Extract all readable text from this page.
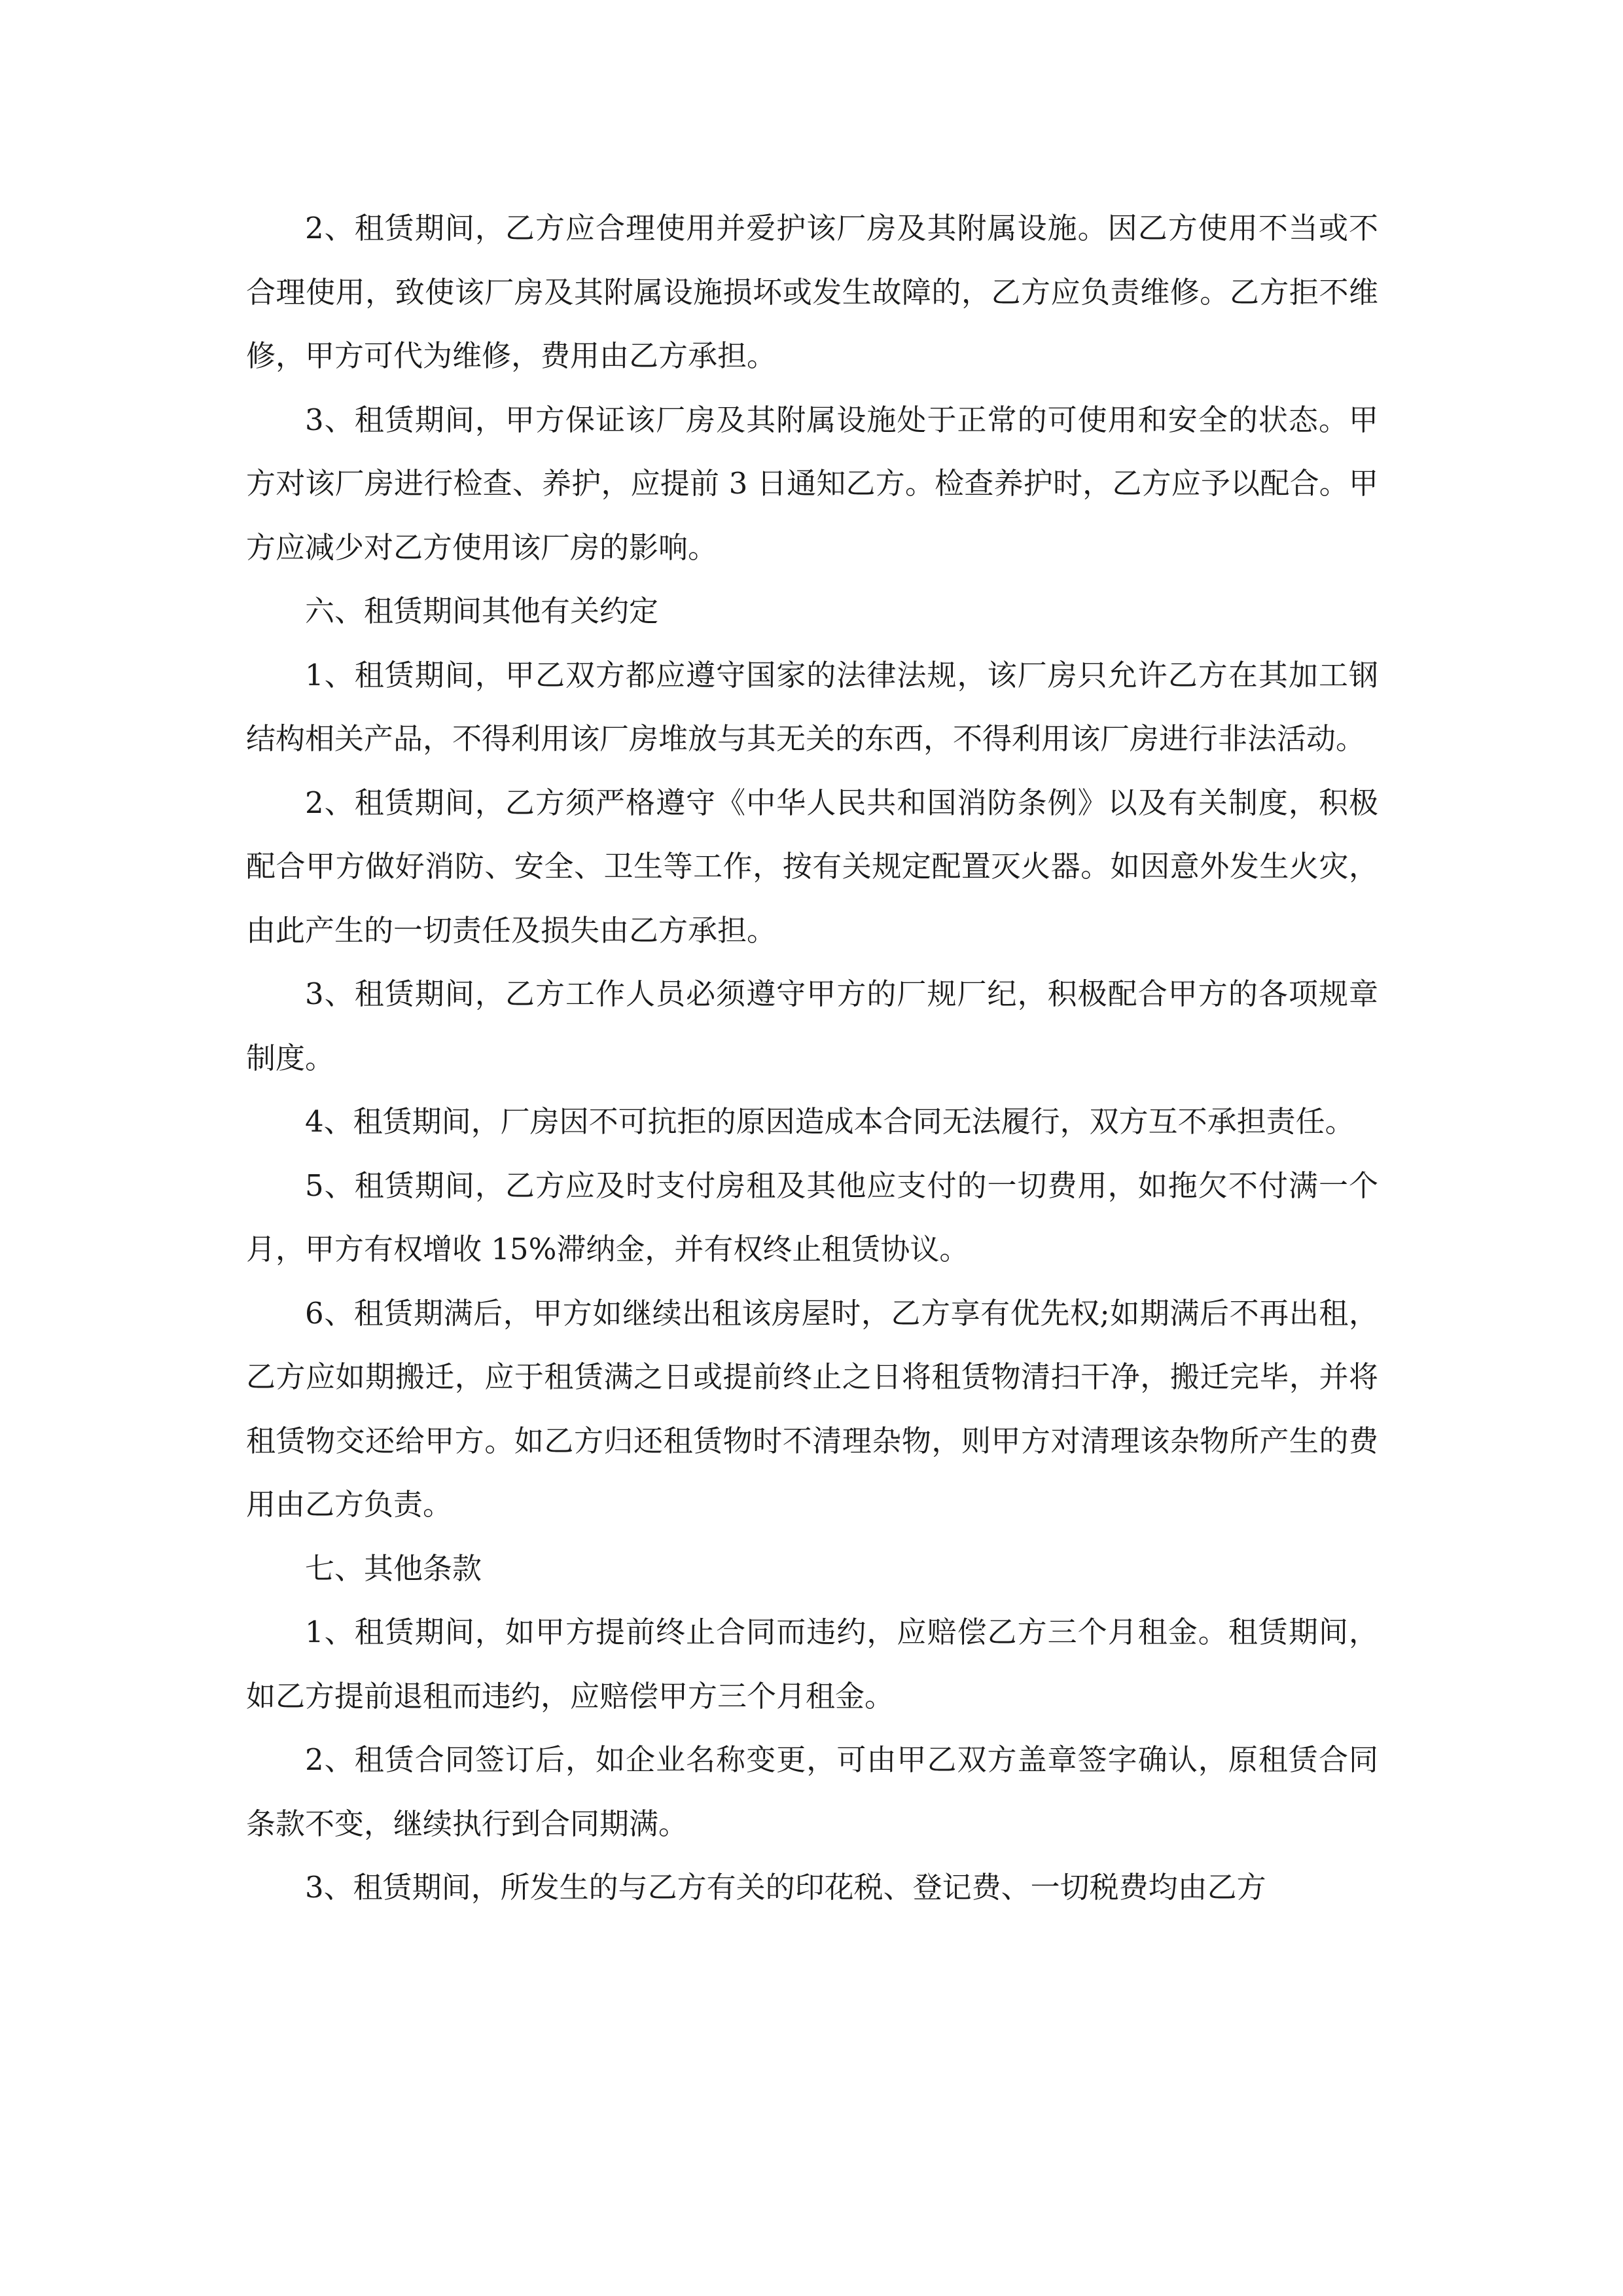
2、租赁期间，乙方应合理使用并爱护该厂房及其附属设施。因乙方使用不当或不合理使用，致使该厂房及其附属设施损坏或发生故障的，乙方应负责维修。乙方拒不维修，甲方可代为维修，费用由乙方承担。

3、租赁期间，甲方保证该厂房及其附属设施处于正常的可使用和安全的状态。甲方对该厂房进行检查、养护，应提前 3 日通知乙方。检查养护时，乙方应予以配合。甲方应减少对乙方使用该厂房的影响。

六、租赁期间其他有关约定

1、租赁期间，甲乙双方都应遵守国家的法律法规，该厂房只允许乙方在其加工钢结构相关产品，不得利用该厂房堆放与其无关的东西，不得利用该厂房进行非法活动。

2、租赁期间，乙方须严格遵守《中华人民共和国消防条例》以及有关制度，积极配合甲方做好消防、安全、卫生等工作，按有关规定配置灭火器。如因意外发生火灾，由此产生的一切责任及损失由乙方承担。

3、租赁期间，乙方工作人员必须遵守甲方的厂规厂纪，积极配合甲方的各项规章制度。

4、租赁期间，厂房因不可抗拒的原因造成本合同无法履行，双方互不承担责任。

5、租赁期间，乙方应及时支付房租及其他应支付的一切费用，如拖欠不付满一个月，甲方有权增收 15%滞纳金，并有权终止租赁协议。

6、租赁期满后，甲方如继续出租该房屋时，乙方享有优先权;如期满后不再出租，乙方应如期搬迁，应于租赁满之日或提前终止之日将租赁物清扫干净，搬迁完毕，并将租赁物交还给甲方。如乙方归还租赁物时不清理杂物，则甲方对清理该杂物所产生的费用由乙方负责。

七、其他条款

1、租赁期间，如甲方提前终止合同而违约，应赔偿乙方三个月租金。租赁期间，如乙方提前退租而违约，应赔偿甲方三个月租金。

2、租赁合同签订后，如企业名称变更，可由甲乙双方盖章签字确认，原租赁合同条款不变，继续执行到合同期满。

3、租赁期间，所发生的与乙方有关的印花税、登记费、一切税费均由乙方
